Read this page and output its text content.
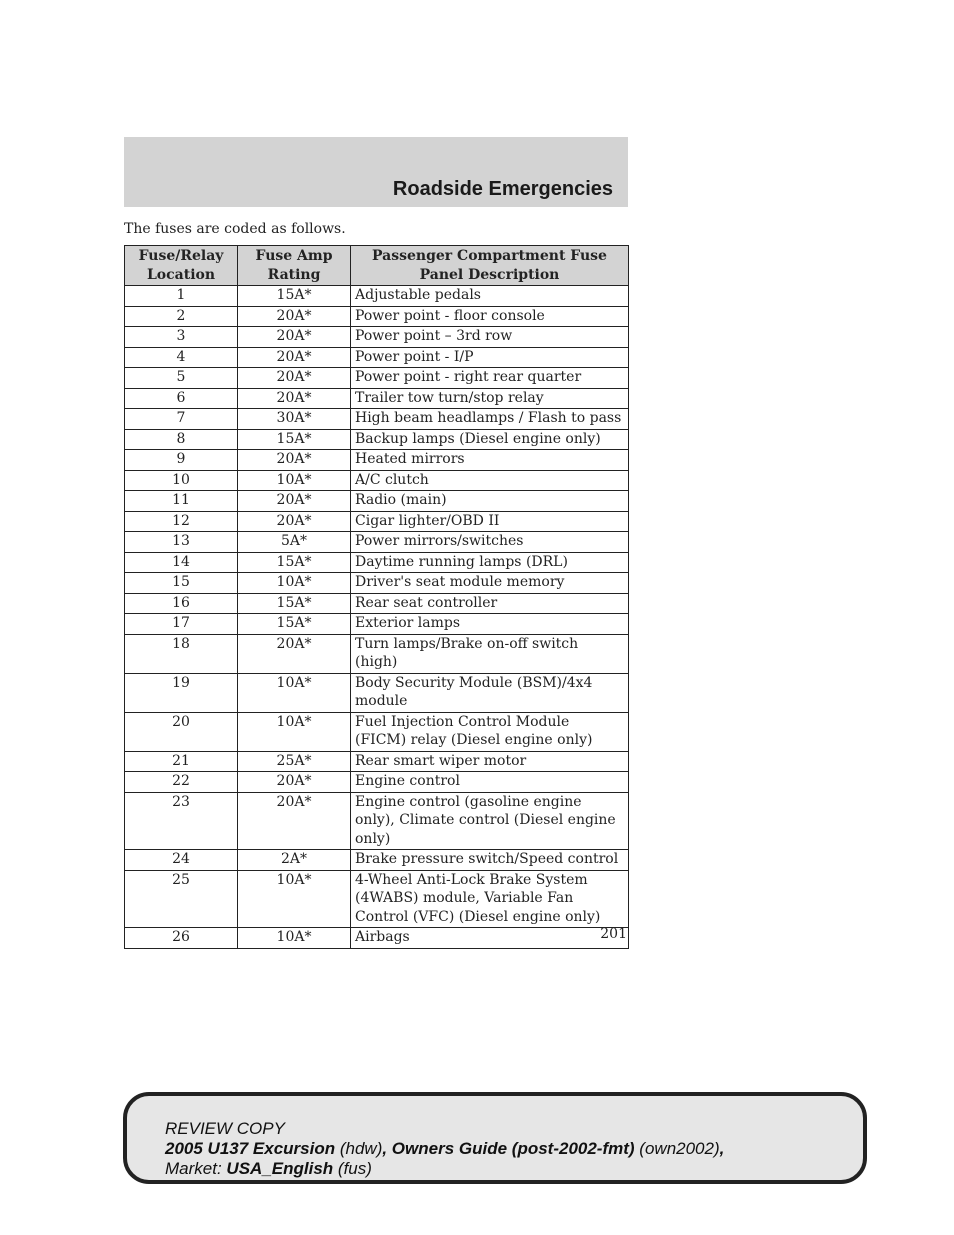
Roadside Emergencies
The fuses are coded as follows.
Fuse/Relay Location	Fuse Amp Rating	Passenger Compartment Fuse Panel Description
1	15A*	Adjustable pedals
2	20A*	Power point - floor console
3	20A*	Power point – 3rd row
4	20A*	Power point - I/P
5	20A*	Power point - right rear quarter
6	20A*	Trailer tow turn/stop relay
7	30A*	High beam headlamps / Flash to pass
8	15A*	Backup lamps (Diesel engine only)
9	20A*	Heated mirrors
10	10A*	A/C clutch
11	20A*	Radio (main)
12	20A*	Cigar lighter/OBD II
13	5A*	Power mirrors/switches
14	15A*	Daytime running lamps (DRL)
15	10A*	Driver's seat module memory
16	15A*	Rear seat controller
17	15A*	Exterior lamps
18	20A*	Turn lamps/Brake on-off switch (high)
19	10A*	Body Security Module (BSM)/4x4 module
20	10A*	Fuel Injection Control Module (FICM) relay (Diesel engine only)
21	25A*	Rear smart wiper motor
22	20A*	Engine control
23	20A*	Engine control (gasoline engine only), Climate control (Diesel engine only)
24	2A*	Brake pressure switch/Speed control
25	10A*	4-Wheel Anti-Lock Brake System (4WABS) module, Variable Fan Control (VFC) (Diesel engine only)
26	10A*	Airbags	201
REVIEW COPY
2005 U137 Excursion (hdw), Owners Guide (post-2002-fmt) (own2002),
Market: USA_English (fus)
